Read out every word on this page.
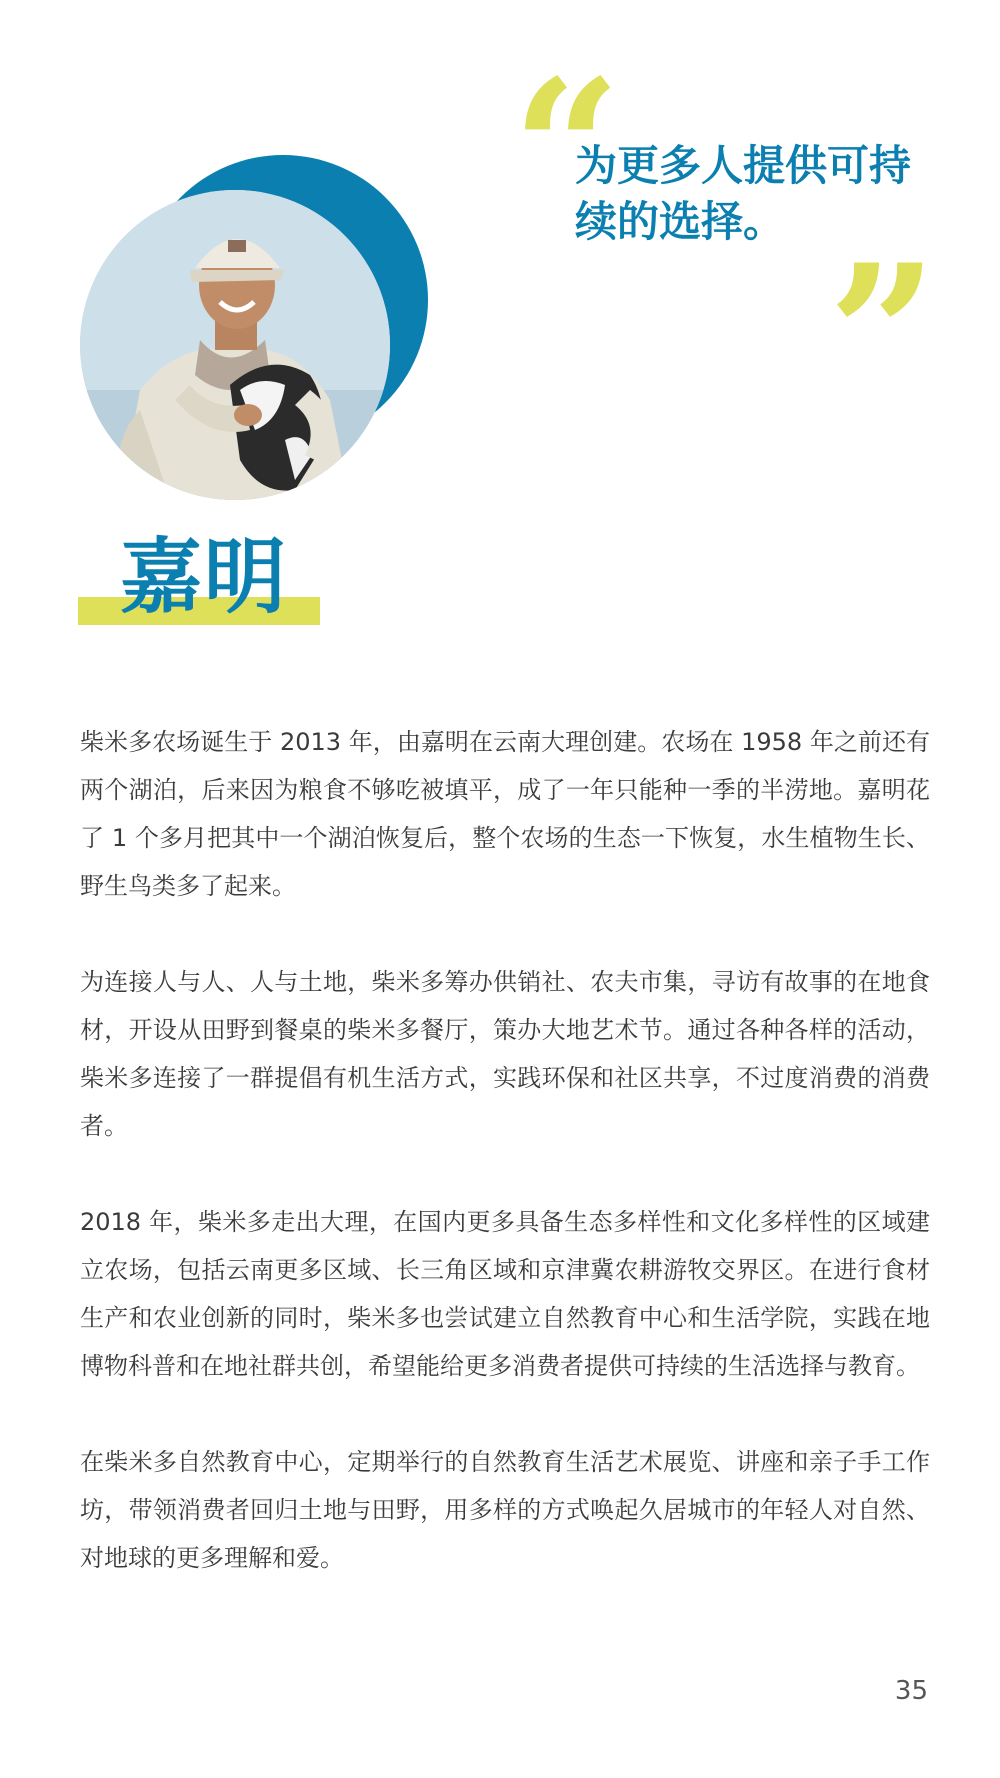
“

为更多人提供可持续的选择。

”
嘉明

柴米多农场诞生于 2013 年，由嘉明在云南大理创建。农场在 1958 年之前还有两个湖泊，后来因为粮食不够吃被填平，成了一年只能种一季的半涝地。嘉明花了 1 个多月把其中一个湖泊恢复后，整个农场的生态一下恢复，水生植物生长、野生鸟类多了起来。

为连接人与人、人与土地，柴米多筹办供销社、农夫市集，寻访有故事的在地食材，开设从田野到餐桌的柴米多餐厅，策办大地艺术节。通过各种各样的活动，柴米多连接了一群提倡有机生活方式，实践环保和社区共享，不过度消费的消费者。

2018 年，柴米多走出大理，在国内更多具备生态多样性和文化多样性的区域建立农场，包括云南更多区域、长三角区域和京津冀农耕游牧交界区。在进行食材生产和农业创新的同时，柴米多也尝试建立自然教育中心和生活学院，实践在地博物科普和在地社群共创，希望能给更多消费者提供可持续的生活选择与教育。

在柴米多自然教育中心，定期举行的自然教育生活艺术展览、讲座和亲子手工作坊，带领消费者回归土地与田野，用多样的方式唤起久居城市的年轻人对自然、对地球的更多理解和爱。

35
